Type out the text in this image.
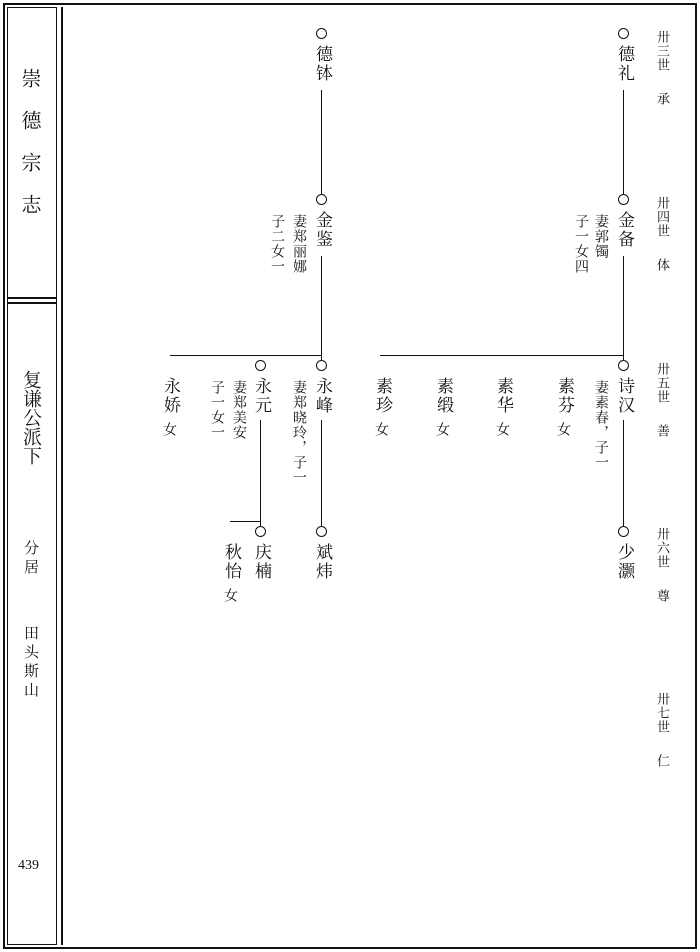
崇德宗志
复谦公派下
分居
田头斯山
439
卅三世
承
卅四世
体
卅五世
善
卅六世
尊
卅七世
仁
德礼
金备
妻郭镯
子一女四
诗汉
妻素春，子一
少灏
素芬
女
素华
女
素缎
女
素珍
女
德钵
金鉴
妻郑丽娜
子二女一
永峰
妻郑晓玲，子一
斌炜
永元
妻郑美安
子一女一
庆楠
秋怡
女
永娇
女
